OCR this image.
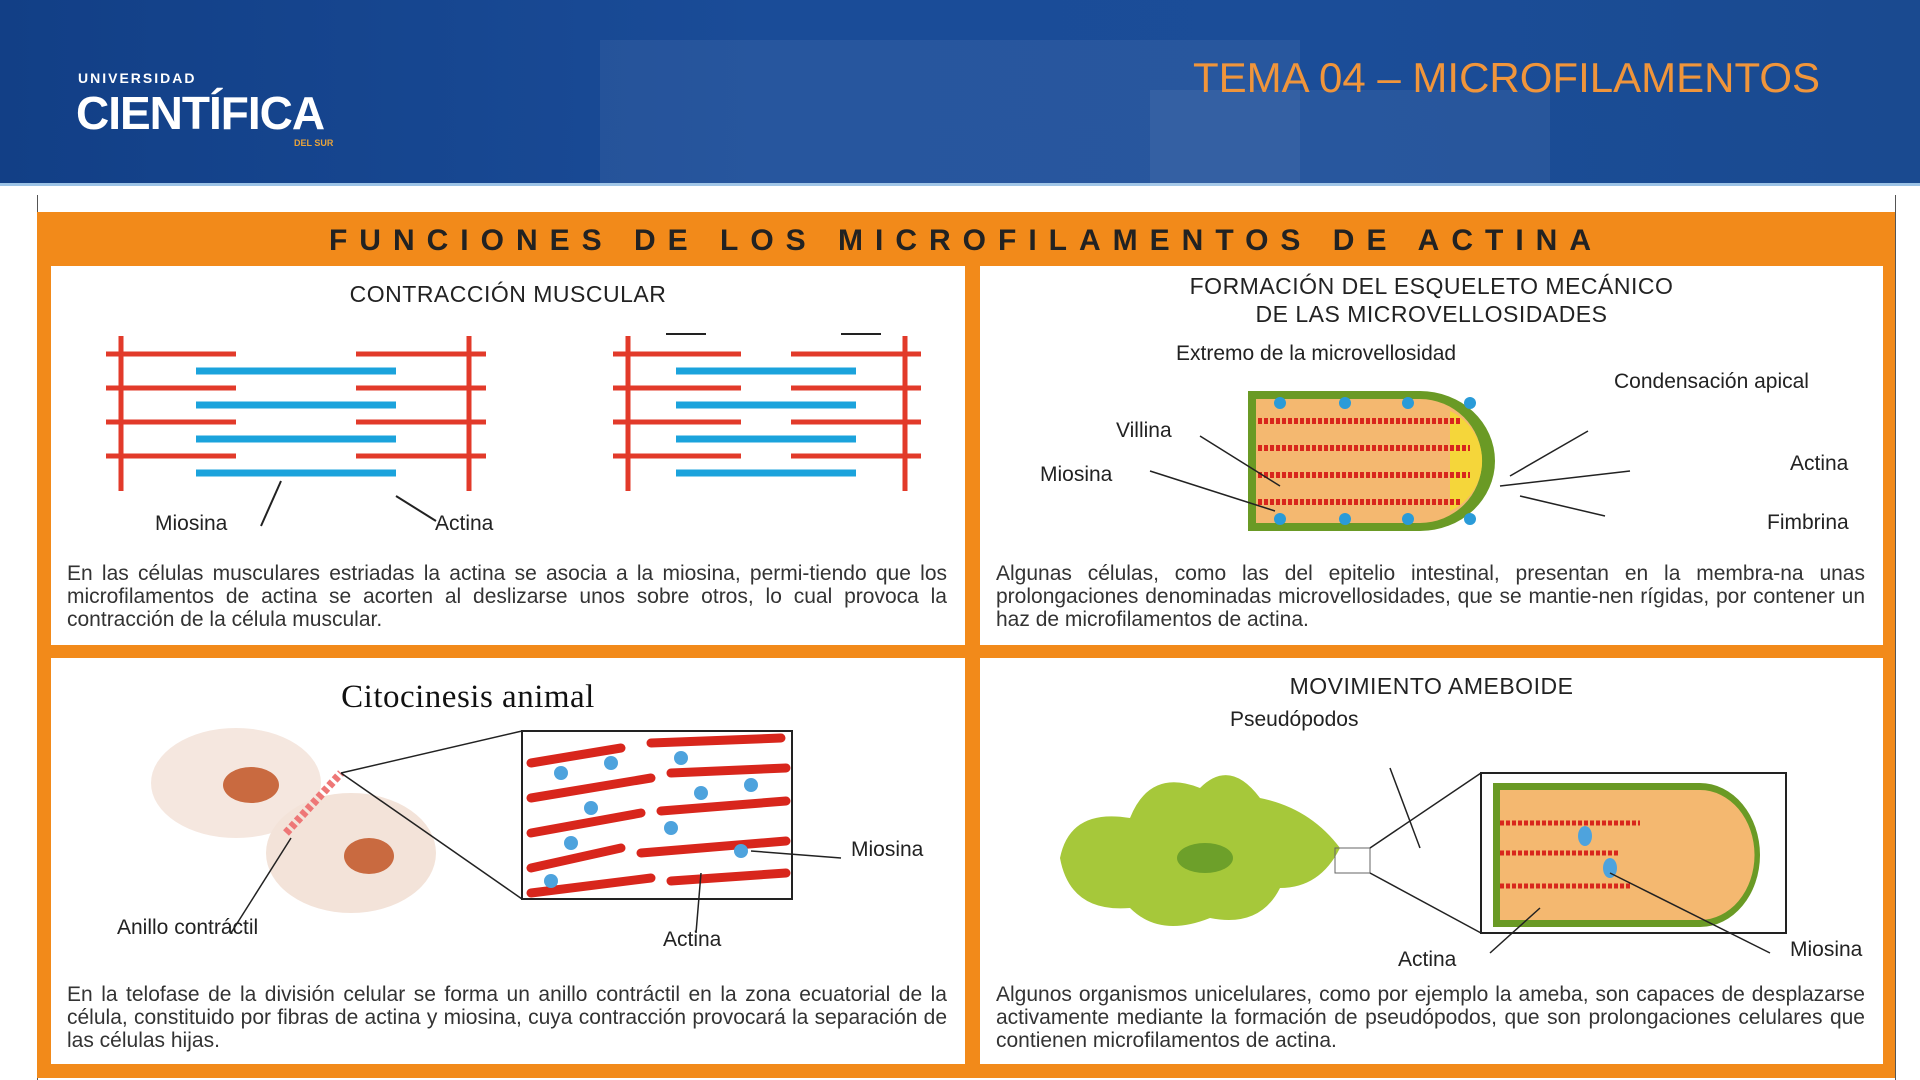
UNIVERSIDAD
CIENTÍFICA
DEL SUR
TEMA 04 – MICROFILAMENTOS
FUNCIONES DE LOS MICROFILAMENTOS DE ACTINA
CONTRACCIÓN MUSCULAR
Miosina	Actina
En las células musculares estriadas la actina se asocia a la miosina, permi-tiendo que los microfilamentos de actina se acorten al deslizarse unos sobre otros, lo cual provoca la contracción de la célula muscular.
FORMACIÓN DEL ESQUELETO MECÁNICO
DE LAS MICROVELLOSIDADES
Extremo de la microvellosidad
Condensación apical
Villina
Miosina	Actina
Fimbrina
Algunas células, como las del epitelio intestinal, presentan en la membra-na unas prolongaciones denominadas microvellosidades, que se mantie-nen rígidas, por contener un haz de microfilamentos de actina.
Citocinesis animal
Miosina
Anillo contráctil
Actina
En la telofase de la división celular se forma un anillo contráctil en la zona ecuatorial de la célula, constituido por fibras de actina y miosina, cuya contracción provocará la separación de las células hijas.
MOVIMIENTO AMEBOIDE
Pseudópodos
Actina	Miosina
Algunos organismos unicelulares, como por ejemplo la ameba, son capaces de desplazarse activamente mediante la formación de pseudópodos, que son prolongaciones celulares que contienen microfilamentos de actina.
